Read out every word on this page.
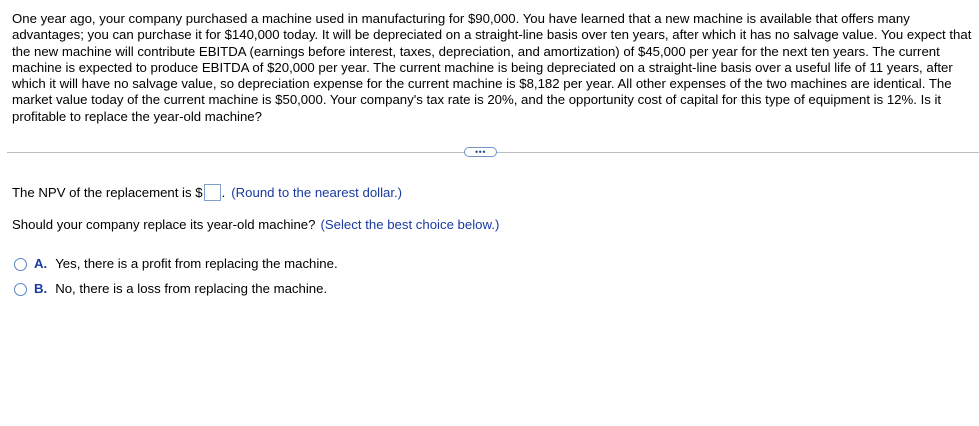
One year ago, your company purchased a machine used in manufacturing for $90,000. You have learned that a new machine is available that offers many advantages; you can purchase it for $140,000 today. It will be depreciated on a straight-line basis over ten years, after which it has no salvage value. You expect that the new machine will contribute EBITDA (earnings before interest, taxes, depreciation, and amortization) of $45,000 per year for the next ten years. The current machine is expected to produce EBITDA of $20,000 per year. The current machine is being depreciated on a straight-line basis over a useful life of 11 years, after which it will have no salvage value, so depreciation expense for the current machine is $8,182 per year. All other expenses of the two machines are identical. The market value today of the current machine is $50,000. Your company's tax rate is 20%, and the opportunity cost of capital for this type of equipment is 12%. Is it profitable to replace the year-old machine?

•••
The NPV of the replacement is $ . (Round to the nearest dollar.)
Should your company replace its year-old machine? (Select the best choice below.)
A. Yes, there is a profit from replacing the machine.
B. No, there is a loss from replacing the machine.
